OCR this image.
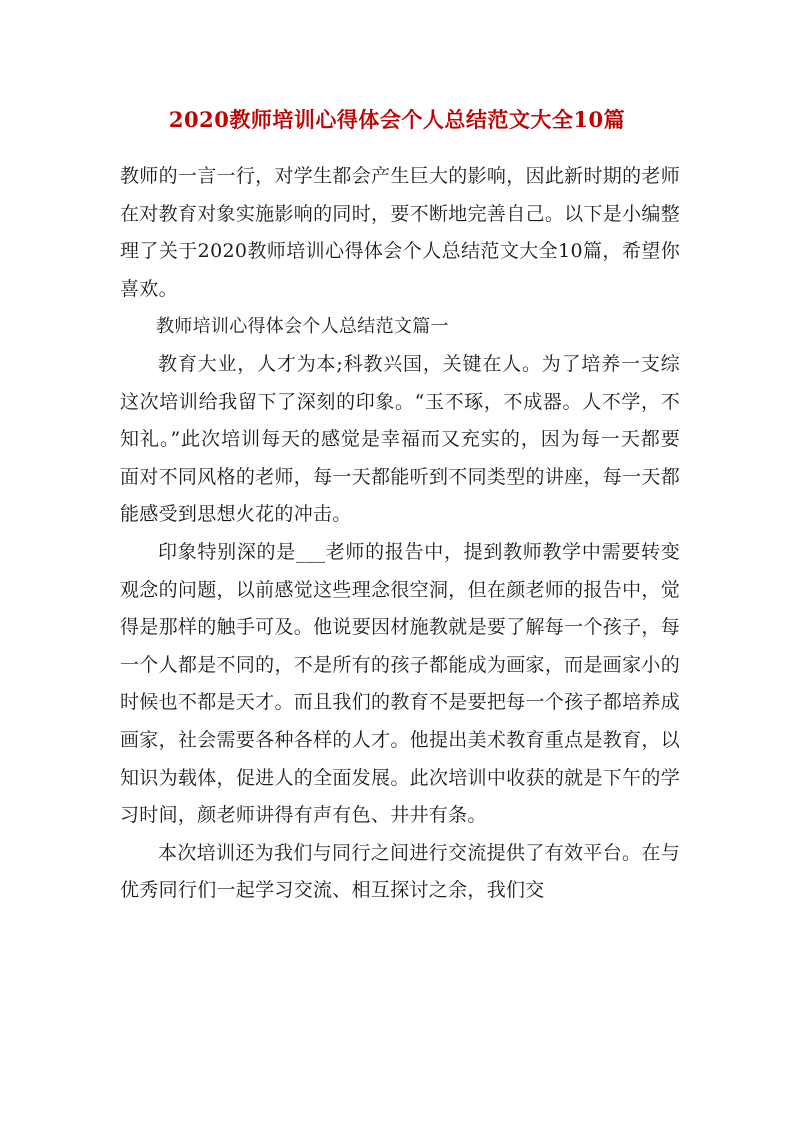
2020教师培训心得体会个人总结范文大全10篇

教师的一言一行，对学生都会产生巨大的影响，因此新时期的老师在对教育对象实施影响的同时，要不断地完善自己。以下是小编整理了关于2020教师培训心得体会个人总结范文大全10篇，希望你喜欢。

教师培训心得体会个人总结范文篇一

教育大业，人才为本;科教兴国，关键在人。为了培养一支综这次培训给我留下了深刻的印象。“玉不琢，不成器。人不学，不知礼。”此次培训每天的感觉是幸福而又充实的，因为每一天都要面对不同风格的老师，每一天都能听到不同类型的讲座，每一天都能感受到思想火花的冲击。

印象特别深的是___老师的报告中，提到教师教学中需要转变观念的问题，以前感觉这些理念很空洞，但在颜老师的报告中，觉得是那样的触手可及。他说要因材施教就是要了解每一个孩子，每一个人都是不同的，不是所有的孩子都能成为画家，而是画家小的时候也不都是天才。而且我们的教育不是要把每一个孩子都培养成画家，社会需要各种各样的人才。他提出美术教育重点是教育，以知识为载体，促进人的全面发展。此次培训中收获的就是下午的学习时间，颜老师讲得有声有色、井井有条。

本次培训还为我们与同行之间进行交流提供了有效平台。在与优秀同行们一起学习交流、相互探讨之余，我们交
